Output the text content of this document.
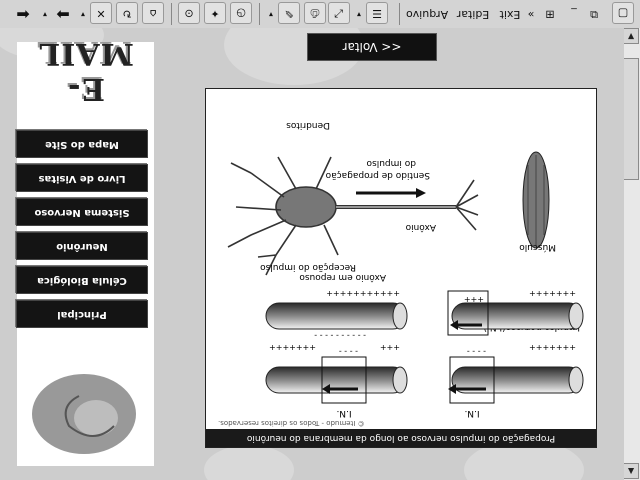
▲
▼
<< Voltar
Propagação do impulso nervoso ao longo da membrana do neurônio
© Itemudo - Todos os direitos reservados.
I.N.
+++++++
- - - -
I.N.
+++
- - - -
+++++++
+++++++
+++
+++++++++++
- - - - - - - - - -
Axônio em repouso
Sentido de propagação
do impulso
Axônio
Dendritos
Recepção do impulso
Músculo
Principal
Célula Biológica
Neurônio
Sistema Nervoso
Livro de Visitas
Mapa do Site
E-MAIL
▢
⧉
_
⊞
»
Exit
Editar
Arquivo
☰
▾
⤢
⎙
✎
▾
◷
✦
⊙
⌂
↻
✕
▾
➡
▾
⬅
